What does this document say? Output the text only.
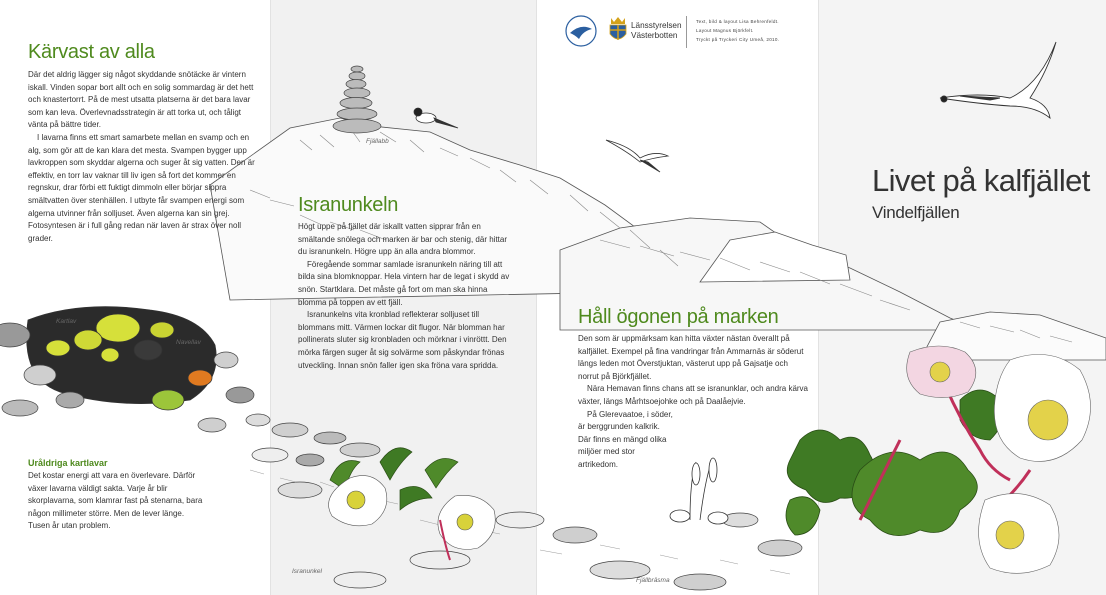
Kartlav
Navellav
Fjällabb
Isranunkel
Fjällbräsma
Kärvast av alla

Där det aldrig lägger sig något skyddande snötäcke är vintern iskall. Vinden sopar bort allt och en solig sommardag är det hett och knastertorrt. På de mest utsatta platserna är det bara lavar som kan leva. Överlevnadsstrategin är att torka ut, och tåligt vänta på bättre tider.

I lavarna finns ett smart samarbete mellan en svamp och en alg, som gör att de kan klara det mesta. Svampen bygger upp lavkroppen som skyddar algerna och suger åt sig vatten. Den är effektiv, en torr lav vaknar till liv igen så fort det kommer en regnskur, drar förbi ett fuktigt dimmoln eller börjar sippra smältvatten över stenhällen. I utbyte får svampen energi som algerna utvinner från solljuset. Även algerna kan sin grej. Fotosyntesen är i full gång redan när laven är strax över noll grader.

Uråldriga kartlavar

Det kostar energi att vara en överlevare. Därför växer lavarna väldigt sakta. Varje år blir skorplavarna, som klamrar fast på stenarna, bara någon millimeter större. Men de lever länge. Tusen år utan problem.

Isranunkeln

Högt uppe på fjället där iskallt vatten sipprar från en smältande snölega och marken är bar och stenig, där hittar du isranunkeln. Högre upp än alla andra blommor.

Föregående sommar samlade isranunkeln näring till att bilda sina blomknoppar. Hela vintern har de legat i skydd av snön. Startklara. Det måste gå fort om man ska hinna blomma på toppen av ett fjäll.

Isranunkelns vita kronblad reflekterar solljuset till blommans mitt. Värmen lockar dit flugor. När blomman har pollinerats sluter sig kronbladen och mörknar i vinröttt. Den mörka färgen suger åt sig solvärme som påskyndar frönas utveckling. Innan snön faller igen ska fröna vara spridda.

Håll ögonen på marken

Den som är uppmärksam kan hitta växter nästan överallt på kalfjället. Exempel på fina vandringar från Ammarnäs är söderut längs leden mot Överstjuktan, västerut upp på Gajsatje och norrut på Björkfjället.

Nära Hemavan finns chans att se isranunklar, och andra kärva växter, längs Mårhtsoejohke och på Daalåejvie.

På Glerevaatoe, i söder, är berggrunden kalkrik. Där finns en mängd olika miljöer med stor artrikedom.

Länsstyrelsen
Västerbotten
Text, bild & layout Lisa Behrenfeldt.
Layout Magnus Björkfelt.
Tryckt på Tryckeri City Umeå, 2010.
Livet på kalfjället
Vindelfjällen
